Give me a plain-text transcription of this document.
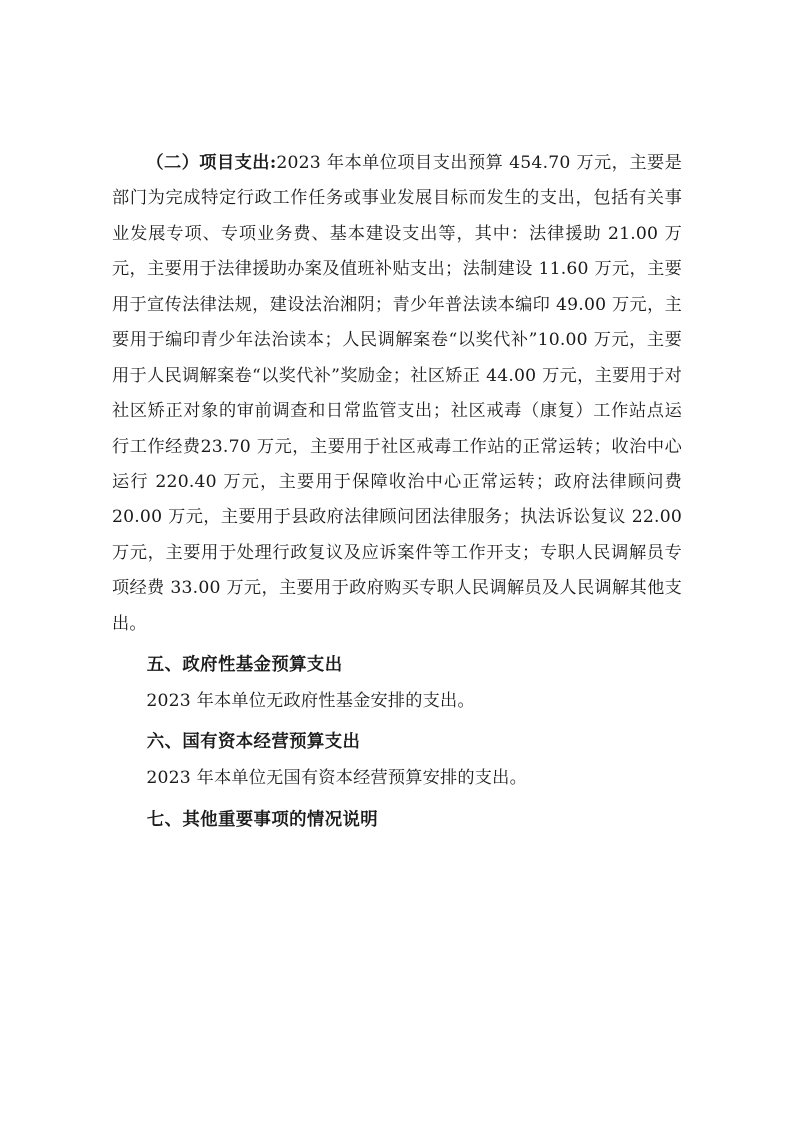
（二）项目支出:2023 年本单位项目支出预算 454.70 万元，主要是部门为完成特定行政工作任务或事业发展目标而发生的支出，包括有关事业发展专项、专项业务费、基本建设支出等，其中：法律援助 21.00 万元，主要用于法律援助办案及值班补贴支出；法制建设 11.60 万元，主要用于宣传法律法规，建设法治湘阴；青少年普法读本编印 49.00 万元，主要用于编印青少年法治读本；人民调解案卷“以奖代补”10.00 万元，主要用于人民调解案卷“以奖代补”奖励金；社区矫正 44.00 万元，主要用于对社区矫正对象的审前调查和日常监管支出；社区戒毒（康复）工作站点运行工作经费23.70 万元，主要用于社区戒毒工作站的正常运转；收治中心运行 220.40 万元，主要用于保障收治中心正常运转；政府法律顾问费 20.00 万元，主要用于县政府法律顾问团法律服务；执法诉讼复议 22.00 万元，主要用于处理行政复议及应诉案件等工作开支；专职人民调解员专项经费 33.00 万元，主要用于政府购买专职人民调解员及人民调解其他支出。

五、政府性基金预算支出

2023 年本单位无政府性基金安排的支出。

六、国有资本经营预算支出

2023 年本单位无国有资本经营预算安排的支出。

七、其他重要事项的情况说明
